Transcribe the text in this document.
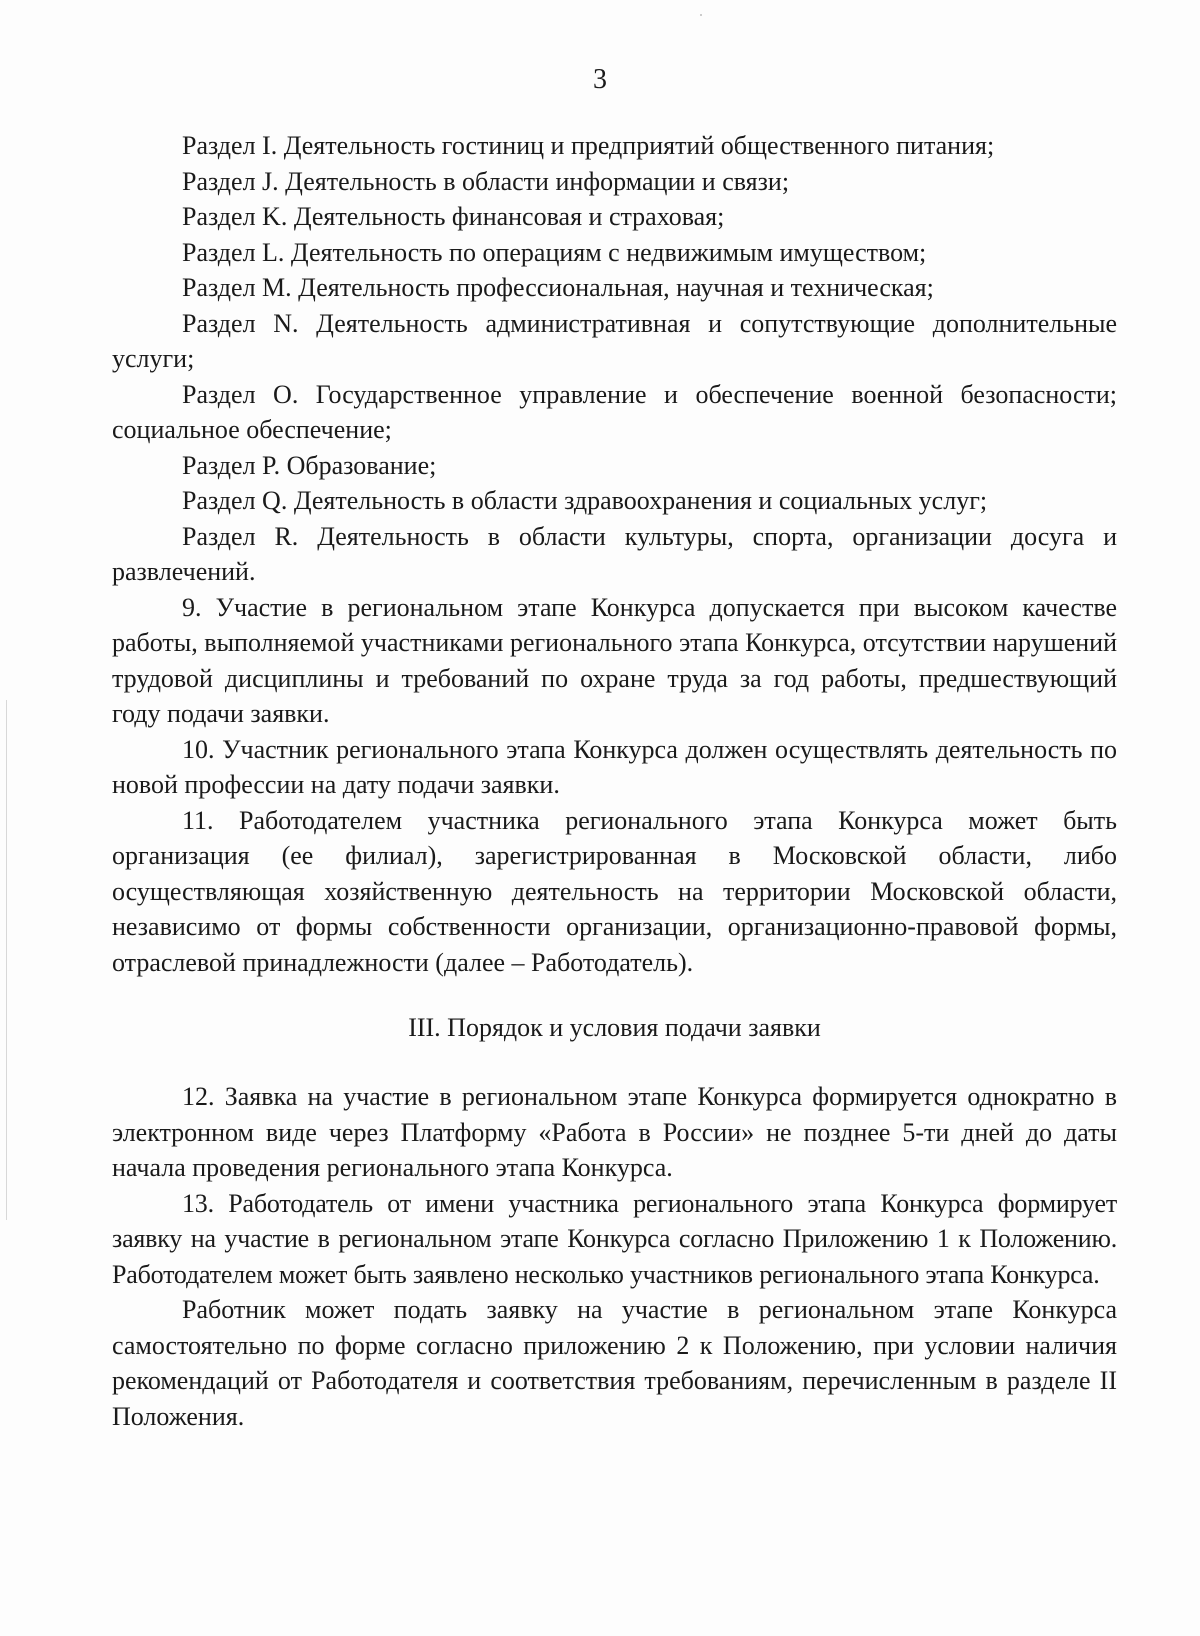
3

Раздел I. Деятельность гостиниц и предприятий общественного питания;

Раздел J. Деятельность в области информации и связи;

Раздел K. Деятельность финансовая и страховая;

Раздел L. Деятельность по операциям с недвижимым имуществом;

Раздел M. Деятельность профессиональная, научная и техническая;

Раздел N. Деятельность административная и сопутствующие дополнительные услуги;

Раздел O. Государственное управление и обеспечение военной безопасности; социальное обеспечение;

Раздел P. Образование;

Раздел Q. Деятельность в области здравоохранения и социальных услуг;

Раздел R. Деятельность в области культуры, спорта, организации досуга и развлечений.

9. Участие в региональном этапе Конкурса допускается при высоком качестве работы, выполняемой участниками регионального этапа Конкурса, отсутствии нарушений трудовой дисциплины и требований по охране труда за год работы, предшествующий году подачи заявки.

10. Участник регионального этапа Конкурса должен осуществлять деятельность по новой профессии на дату подачи заявки.

11. Работодателем участника регионального этапа Конкурса может быть организация (ее филиал), зарегистрированная в Московской области, либо осуществляющая хозяйственную деятельность на территории Московской области, независимо от формы собственности организации, организационно-правовой формы, отраслевой принадлежности (далее – Работодатель).

III. Порядок и условия подачи заявки

12. Заявка на участие в региональном этапе Конкурса формируется однократно в электронном виде через Платформу «Работа в России» не позднее 5-ти дней до даты начала проведения регионального этапа Конкурса.

13. Работодатель от имени участника регионального этапа Конкурса формирует заявку на участие в региональном этапе Конкурса согласно Приложению 1 к Положению. Работодателем может быть заявлено несколько участников регионального этапа Конкурса.

Работник может подать заявку на участие в региональном этапе Конкурса самостоятельно по форме согласно приложению 2 к Положению, при условии наличия рекомендаций от Работодателя и соответствия требованиям, перечисленным в разделе II Положения.
